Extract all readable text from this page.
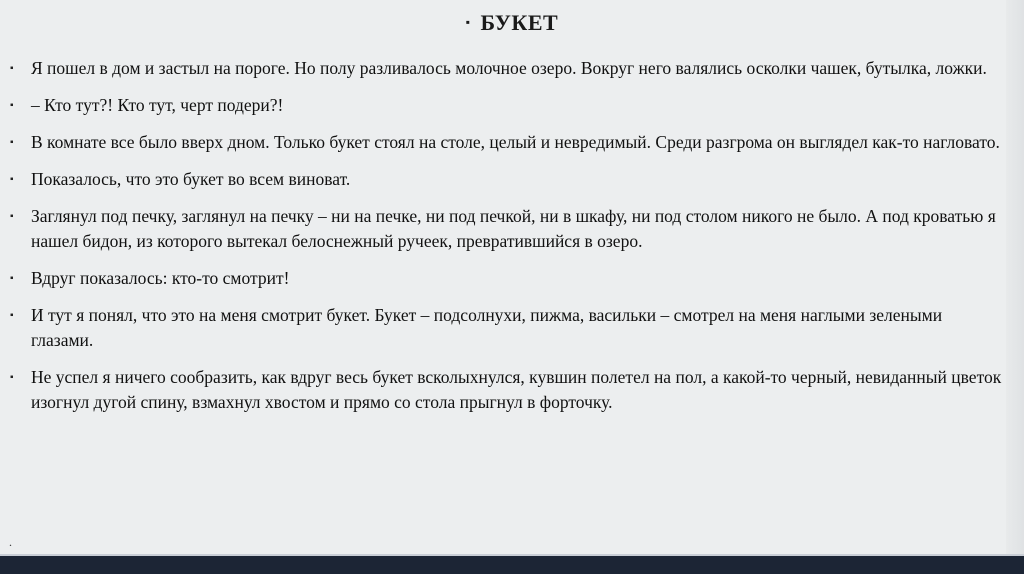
▪ БУКЕТ
▪ Я пошел в дом и застыл на пороге. Но полу разливалось молочное озеро. Вокруг него валялись осколки чашек, бутылка, ложки.
▪ – Кто тут?! Кто тут, черт подери?!
▪ В комнате все было вверх дном. Только букет стоял на столе, целый и невредимый. Среди разгрома он выглядел как-то нагловато.
▪ Показалось, что это букет во всем виноват.
▪ Заглянул под печку, заглянул на печку – ни на печке, ни под печкой, ни в шкафу, ни под столом никого не было. А под кроватью я нашел бидон, из которого вытекал белоснежный ручеек, превратившийся в озеро.
▪ Вдруг показалось: кто-то смотрит!
▪ И тут я понял, что это на меня смотрит букет. Букет – подсолнухи, пижма, васильки – смотрел на меня наглыми зелеными глазами.
▪ Не успел я ничего сообразить, как вдруг весь букет всколыхнулся, кувшин полетел на пол, а какой-то черный, невиданный цветок изогнул дугой спину, взмахнул хвостом и прямо со стола прыгнул в форточку.
.
